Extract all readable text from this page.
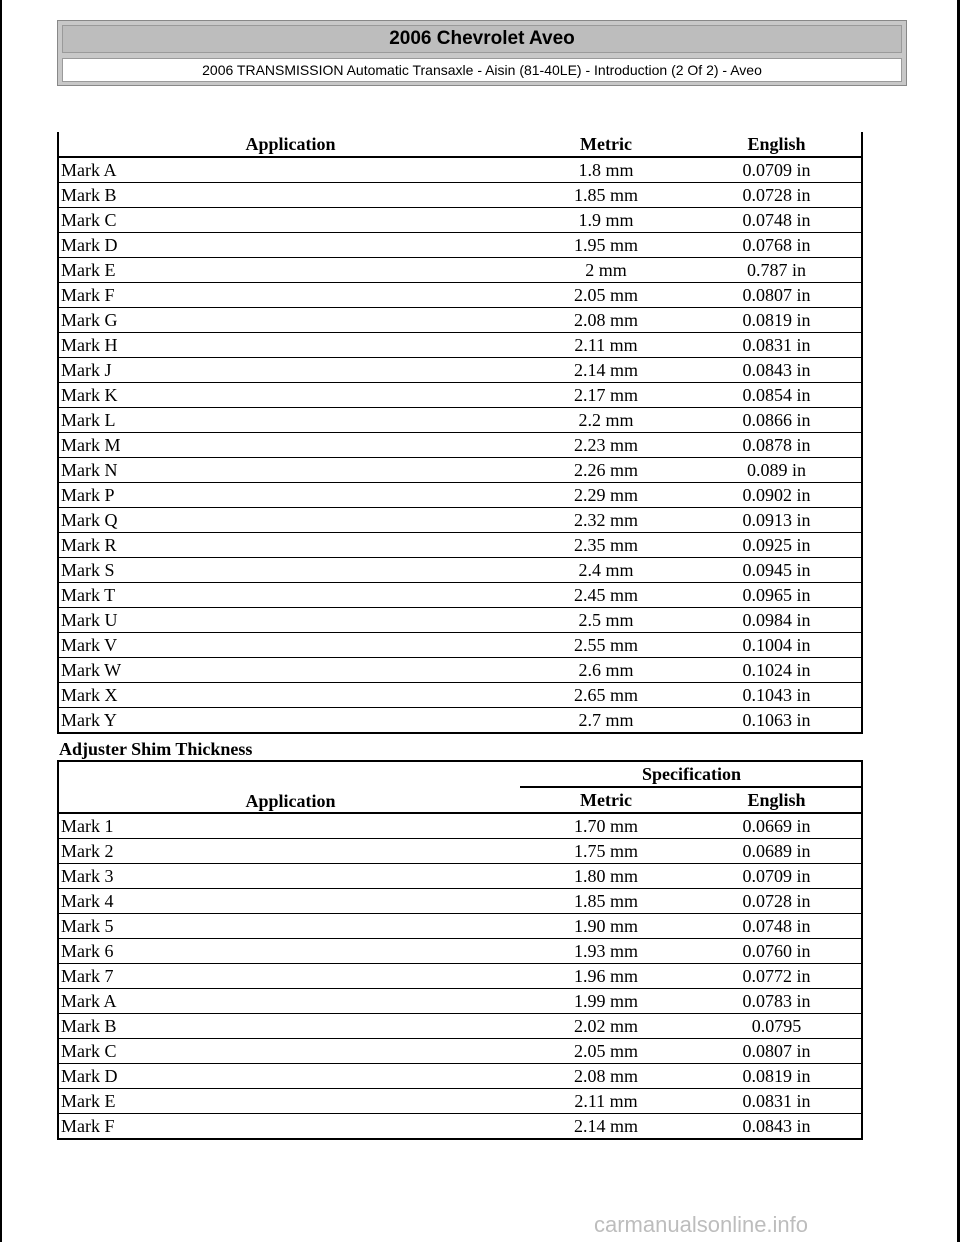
2006 Chevrolet Aveo
2006 TRANSMISSION Automatic Transaxle - Aisin (81-40LE) - Introduction (2 Of 2) - Aveo
Application	Metric	English
Mark A	1.8 mm	0.0709 in
Mark B	1.85 mm	0.0728 in
Mark C	1.9 mm	0.0748 in
Mark D	1.95 mm	0.0768 in
Mark E	2 mm	0.787 in
Mark F	2.05 mm	0.0807 in
Mark G	2.08 mm	0.0819 in
Mark H	2.11 mm	0.0831 in
Mark J	2.14 mm	0.0843 in
Mark K	2.17 mm	0.0854 in
Mark L	2.2 mm	0.0866 in
Mark M	2.23 mm	0.0878 in
Mark N	2.26 mm	0.089 in
Mark P	2.29 mm	0.0902 in
Mark Q	2.32 mm	0.0913 in
Mark R	2.35 mm	0.0925 in
Mark S	2.4 mm	0.0945 in
Mark T	2.45 mm	0.0965 in
Mark U	2.5 mm	0.0984 in
Mark V	2.55 mm	0.1004 in
Mark W	2.6 mm	0.1024 in
Mark X	2.65 mm	0.1043 in
Mark Y	2.7 mm	0.1063 in
Adjuster Shim Thickness
Application	Specification	
	Metric	English
Mark 1	1.70 mm	0.0669 in
Mark 2	1.75 mm	0.0689 in
Mark 3	1.80 mm	0.0709 in
Mark 4	1.85 mm	0.0728 in
Mark 5	1.90 mm	0.0748 in
Mark 6	1.93 mm	0.0760 in
Mark 7	1.96 mm	0.0772 in
Mark A	1.99 mm	0.0783 in
Mark B	2.02 mm	0.0795
Mark C	2.05 mm	0.0807 in
Mark D	2.08 mm	0.0819 in
Mark E	2.11 mm	0.0831 in
Mark F	2.14 mm	0.0843 in
carmanualsonline.info
